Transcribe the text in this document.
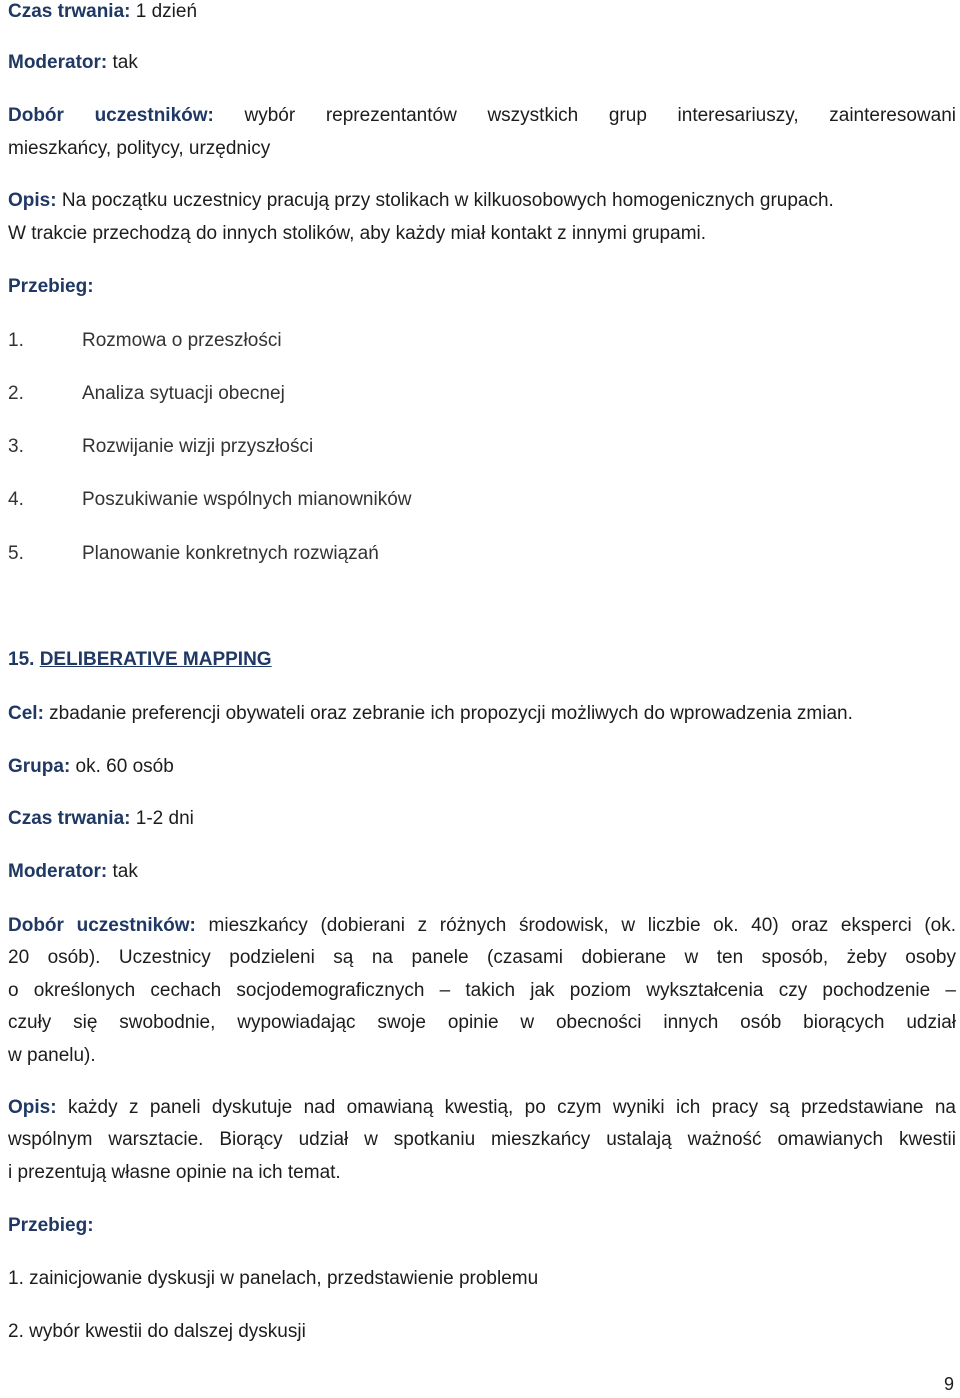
Czas trwania: 1 dzień
Moderator: tak
Dobór uczestników: wybór reprezentantów wszystkich grup interesariuszy, zainteresowani
mieszkańcy, politycy, urzędnicy
Opis: Na początku uczestnicy pracują przy stolikach w kilkuosobowych homogenicznych grupach.
W trakcie przechodzą do innych stolików, aby każdy miał kontakt z innymi grupami.
Przebieg:
1.	Rozmowa o przeszłości
2.	Analiza sytuacji obecnej
3.	Rozwijanie wizji przyszłości
4.	Poszukiwanie wspólnych mianowników
5.	Planowanie konkretnych rozwiązań
15. DELIBERATIVE MAPPING
Cel: zbadanie preferencji obywateli oraz zebranie ich propozycji możliwych do wprowadzenia zmian.
Grupa: ok. 60 osób
Czas trwania: 1-2 dni
Moderator: tak
Dobór uczestników: mieszkańcy (dobierani z różnych środowisk, w liczbie ok. 40) oraz eksperci (ok.
20 osób). Uczestnicy podzieleni są na panele (czasami dobierane w ten sposób, żeby osoby
o określonych cechach socjodemograficznych – takich jak poziom wykształcenia czy pochodzenie –
czuły się swobodnie, wypowiadając swoje opinie w obecności innych osób biorących udział
w panelu).
Opis: każdy z paneli dyskutuje nad omawianą kwestią, po czym wyniki ich pracy są przedstawiane na
wspólnym warsztacie. Biorący udział w spotkaniu mieszkańcy ustalają ważność omawianych kwestii
i prezentują własne opinie na ich temat.
Przebieg:
1. zainicjowanie dyskusji w panelach, przedstawienie problemu
2. wybór kwestii do dalszej dyskusji
9
